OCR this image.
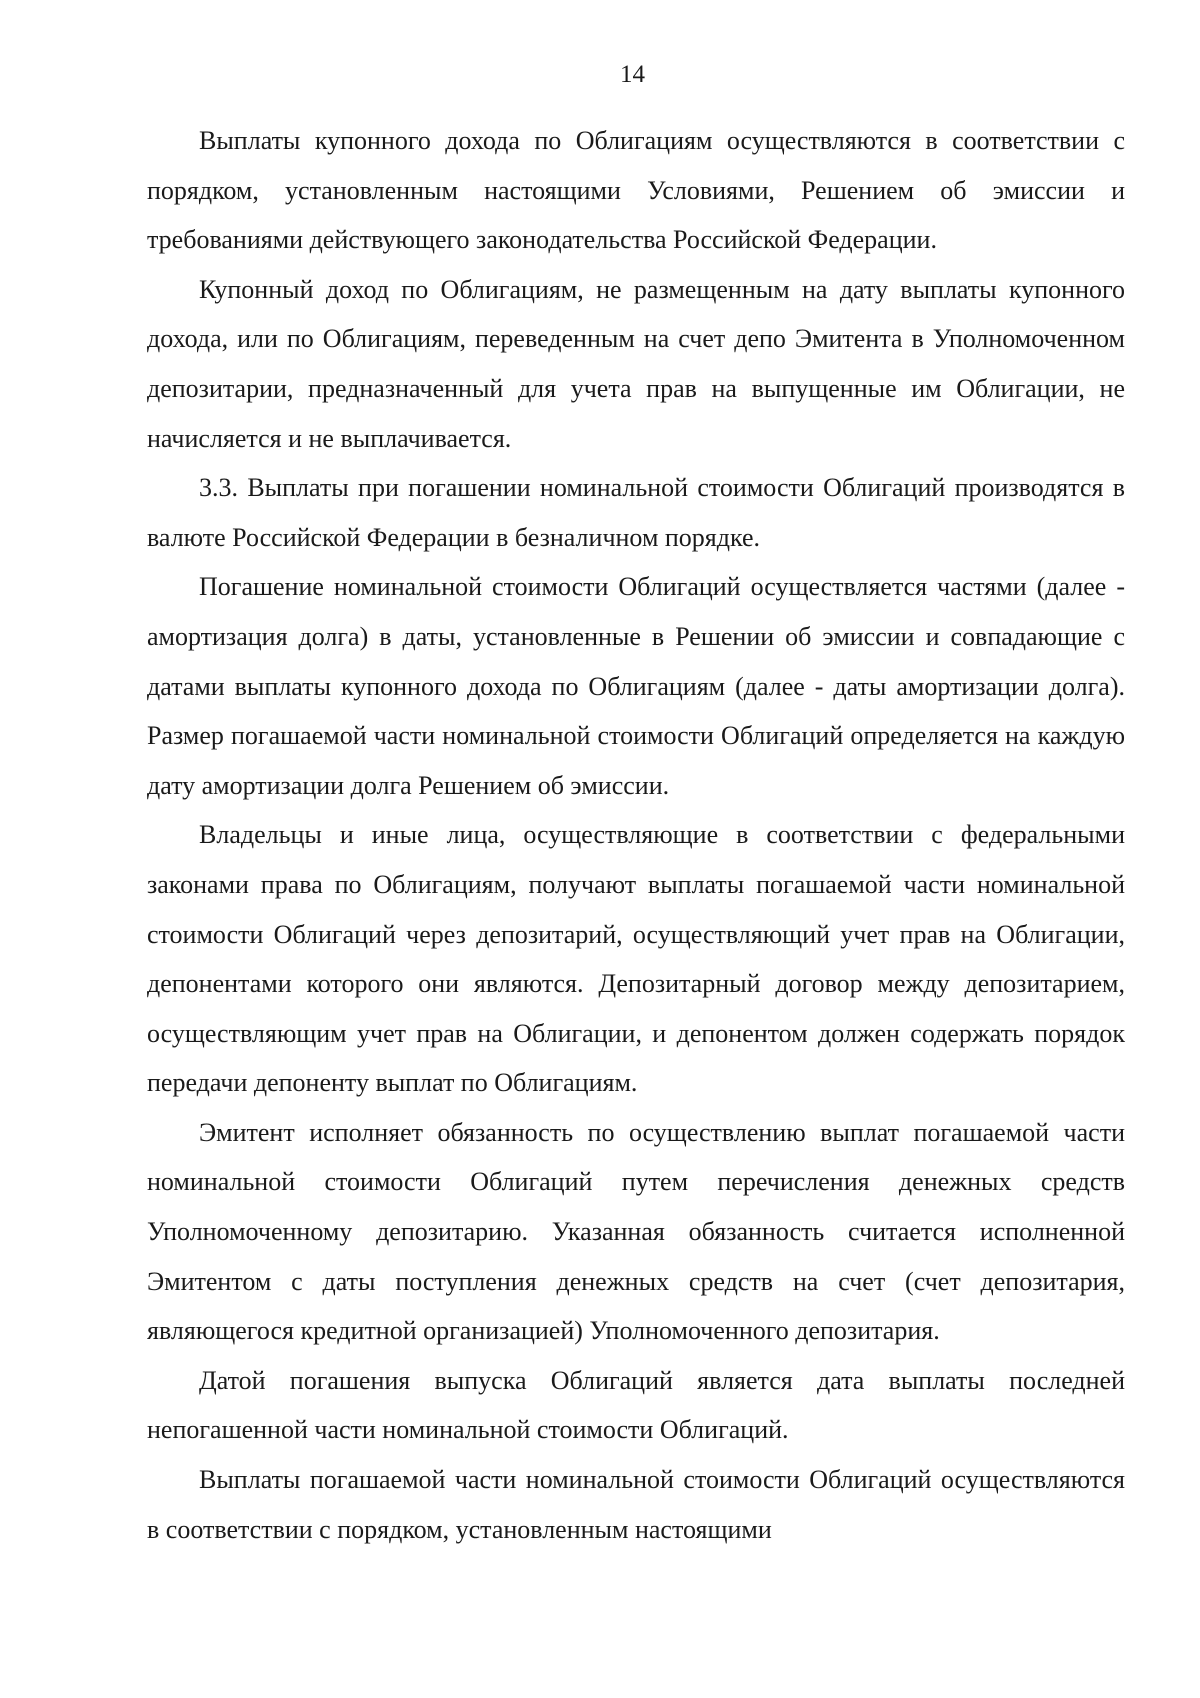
14

Выплаты купонного дохода по Облигациям осуществляются в соответствии с порядком, установленным настоящими Условиями, Решением об эмиссии и требованиями действующего законодательства Российской Федерации.

Купонный доход по Облигациям, не размещенным на дату выплаты купонного дохода, или по Облигациям, переведенным на счет депо Эмитента в Уполномоченном депозитарии, предназначенный для учета прав на выпущенные им Облигации, не начисляется и не выплачивается.

3.3. Выплаты при погашении номинальной стоимости Облигаций производятся в валюте Российской Федерации в безналичном порядке.

Погашение номинальной стоимости Облигаций осуществляется частями (далее - амортизация долга) в даты, установленные в Решении об эмиссии и совпадающие с датами выплаты купонного дохода по Облигациям (далее - даты амортизации долга). Размер погашаемой части номинальной стоимости Облигаций определяется на каждую дату амортизации долга Решением об эмиссии.

Владельцы и иные лица, осуществляющие в соответствии с федеральными законами права по Облигациям, получают выплаты погашаемой части номинальной стоимости Облигаций через депозитарий, осуществляющий учет прав на Облигации, депонентами которого они являются. Депозитарный договор между депозитарием, осуществляющим учет прав на Облигации, и депонентом должен содержать порядок передачи депоненту выплат по Облигациям.

Эмитент исполняет обязанность по осуществлению выплат погашаемой части номинальной стоимости Облигаций путем перечисления денежных средств Уполномоченному депозитарию. Указанная обязанность считается исполненной Эмитентом с даты поступления денежных средств на счет (счет депозитария, являющегося кредитной организацией) Уполномоченного депозитария.

Датой погашения выпуска Облигаций является дата выплаты последней непогашенной части номинальной стоимости Облигаций.

Выплаты погашаемой части номинальной стоимости Облигаций осуществляются в соответствии с порядком, установленным настоящими
